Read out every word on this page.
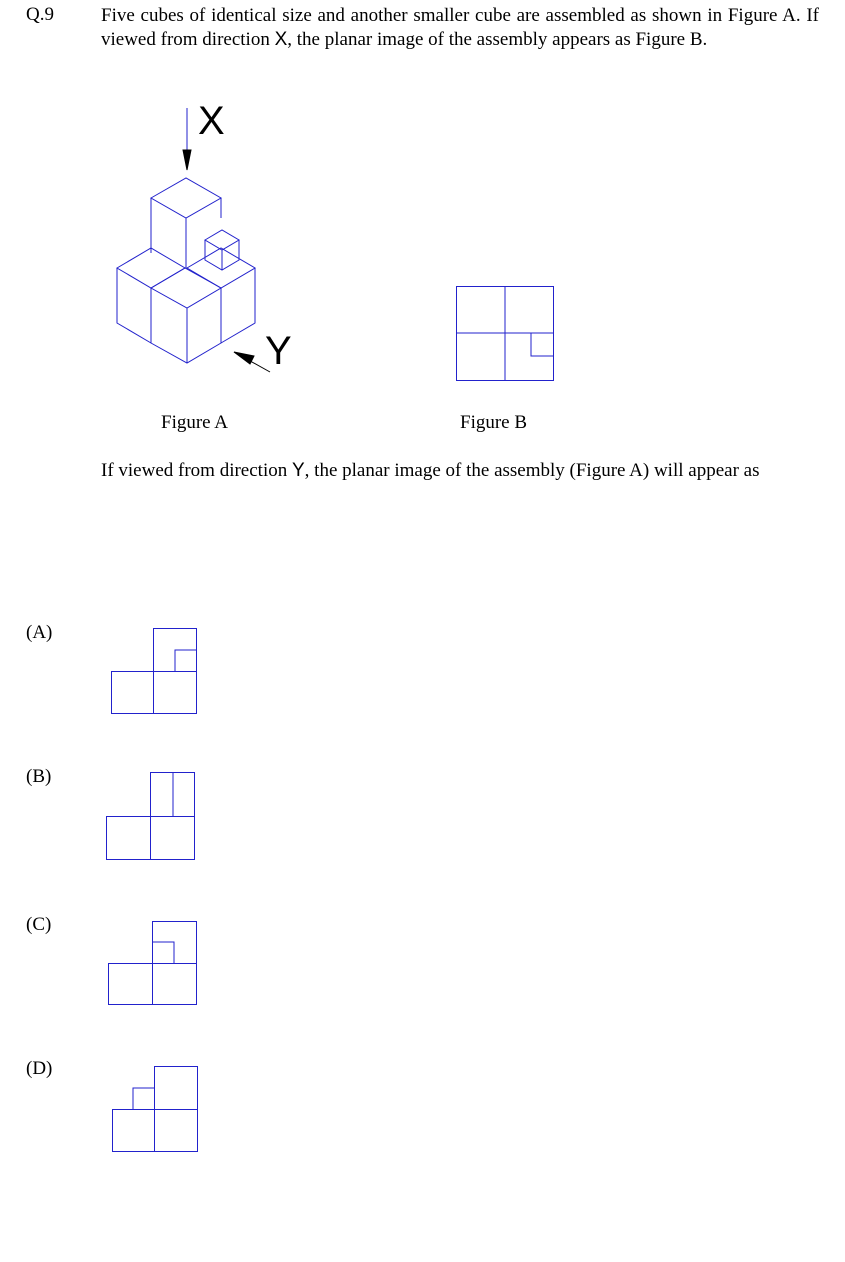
Q.9 Five cubes of identical size and another smaller cube are assembled as shown in Figure A. If viewed from direction X, the planar image of the assembly appears as Figure B.
X
Y
Figure A	Figure B
If viewed from direction Y, the planar image of the assembly (Figure A) will appear as
(A)
(B)
(C)
(D)
